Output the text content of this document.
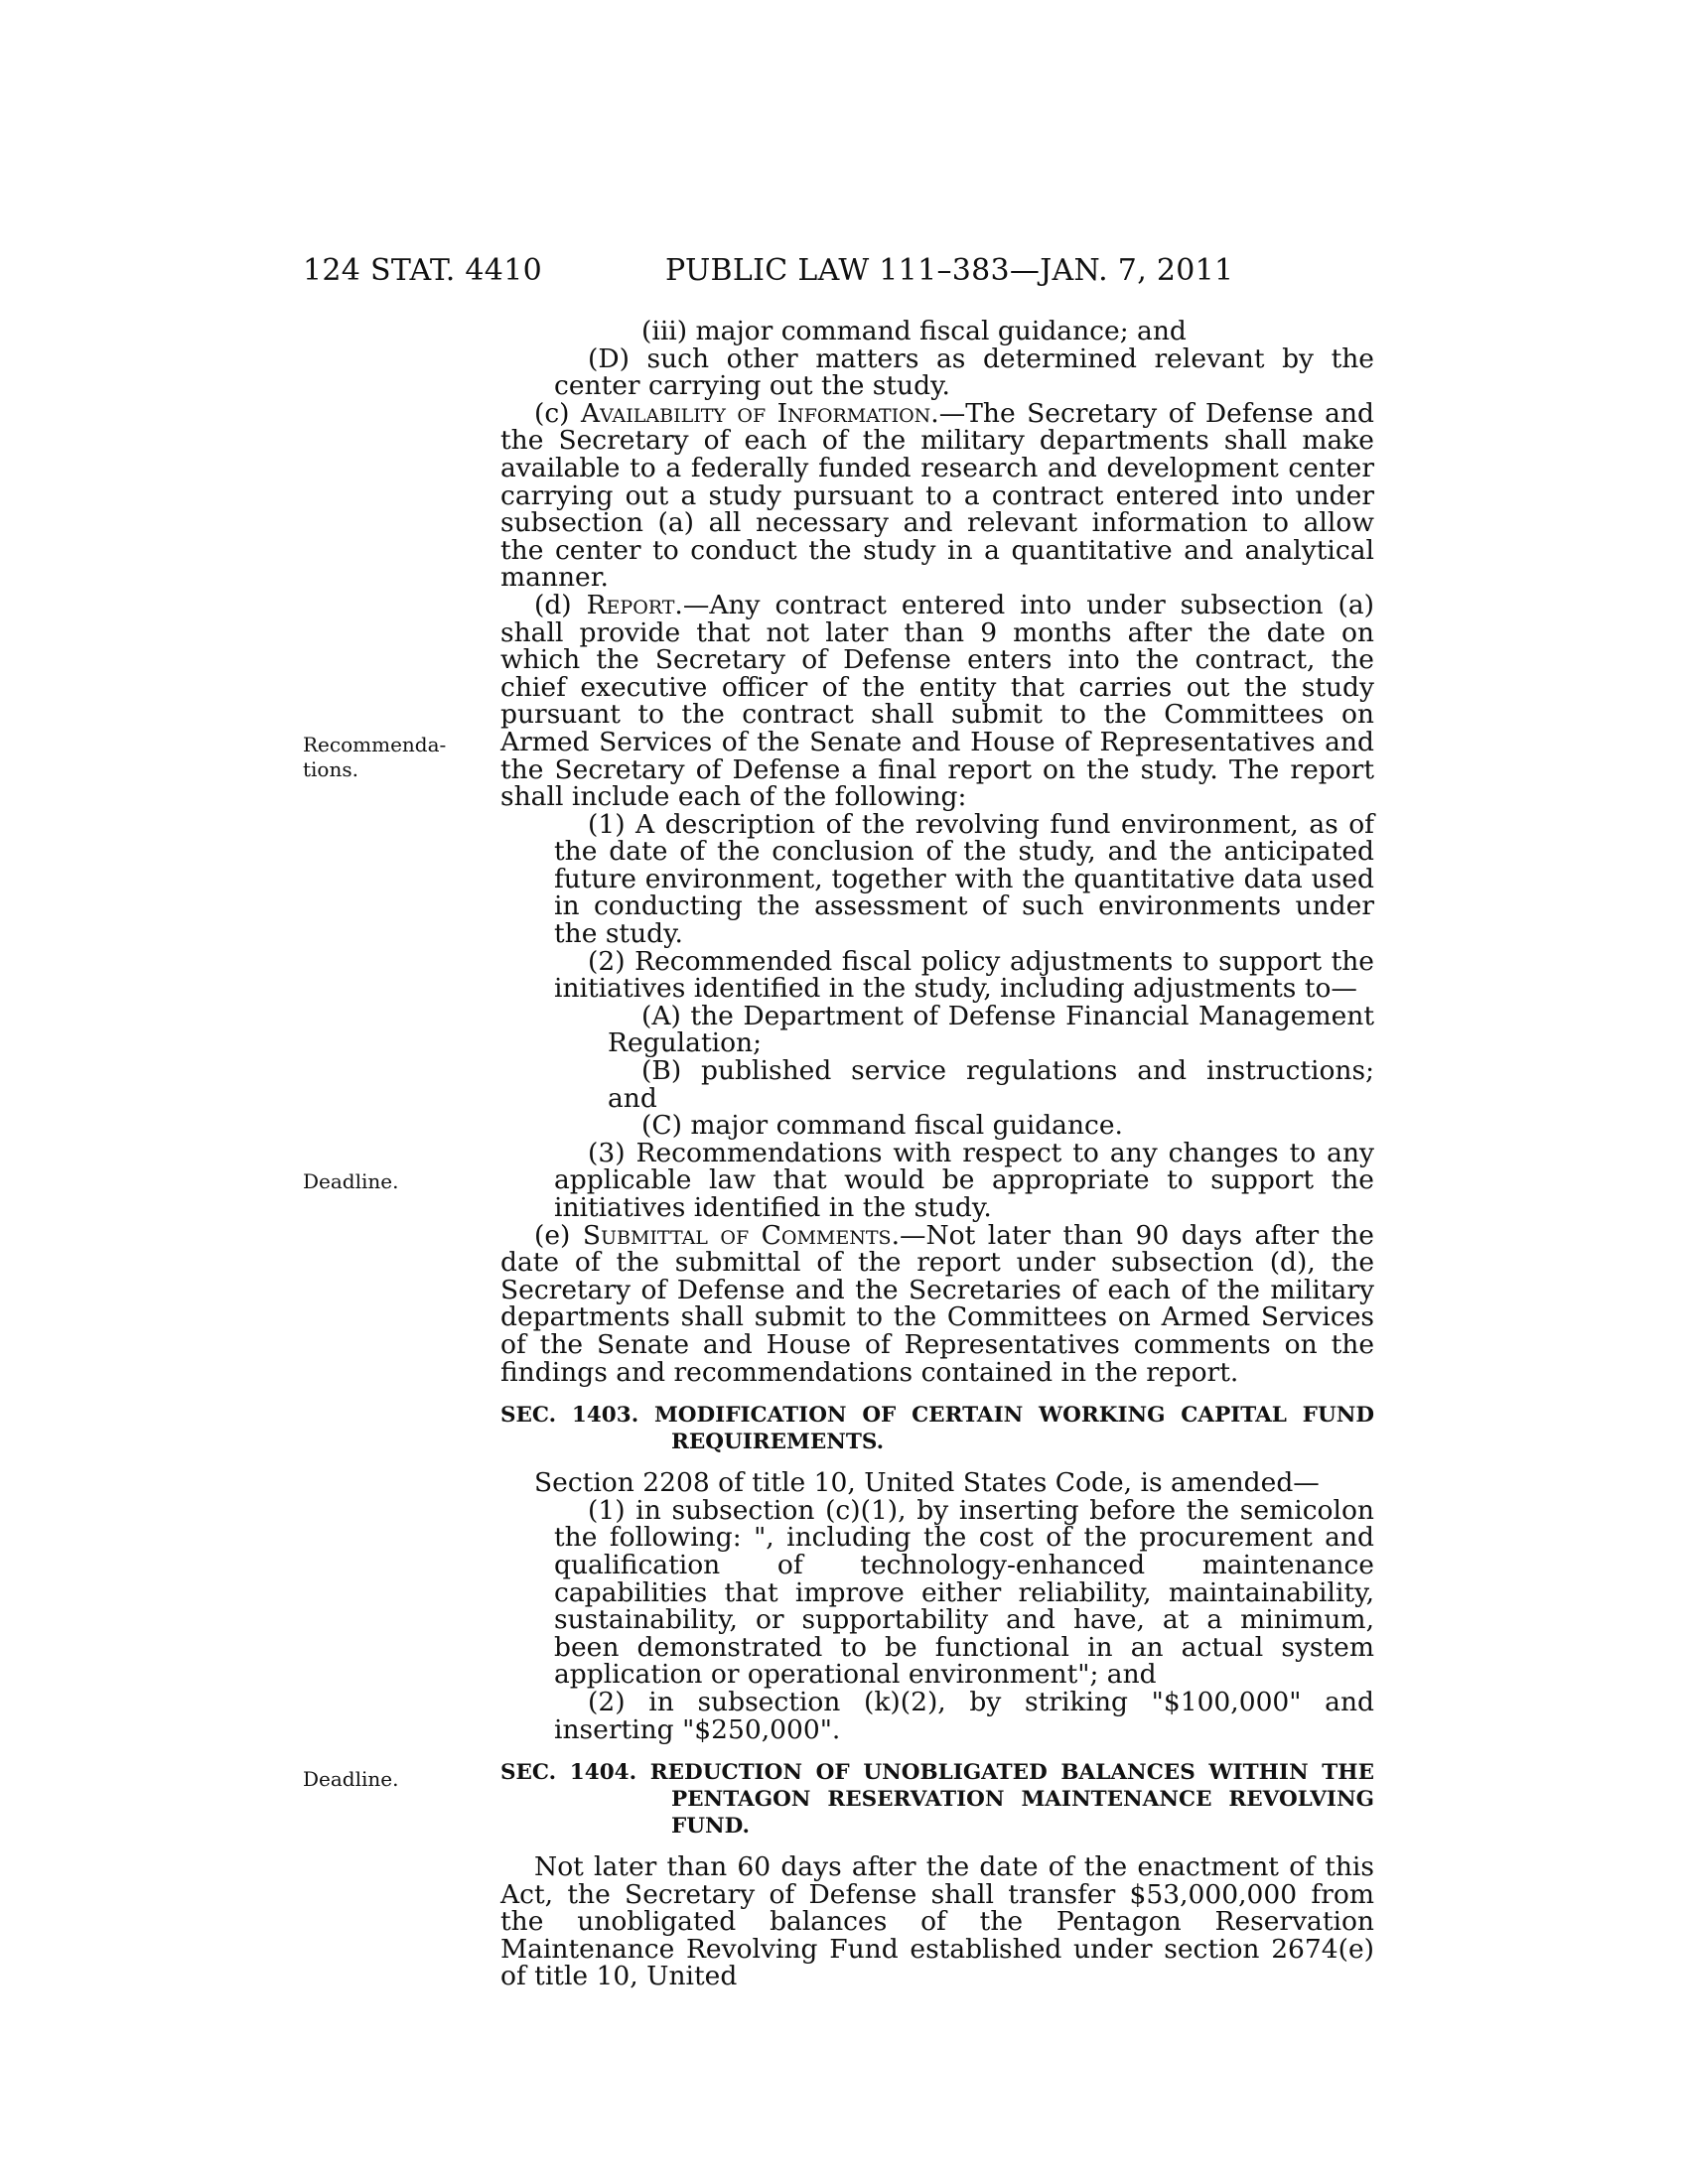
124 STAT. 4410	PUBLIC LAW 111–383—JAN. 7, 2011
Recommenda-
tions.
Deadline.
Deadline.

(iii) major command fiscal guidance; and

(D) such other matters as determined relevant by the center carrying out the study.

(c) Availability of Information.—The Secretary of Defense and the Secretary of each of the military departments shall make available to a federally funded research and development center carrying out a study pursuant to a contract entered into under subsection (a) all necessary and relevant information to allow the center to conduct the study in a quantitative and analytical manner.

(d) Report.—Any contract entered into under subsection (a) shall provide that not later than 9 months after the date on which the Secretary of Defense enters into the contract, the chief executive officer of the entity that carries out the study pursuant to the contract shall submit to the Committees on Armed Services of the Senate and House of Representatives and the Secretary of Defense a final report on the study. The report shall include each of the following:

(1) A description of the revolving fund environment, as of the date of the conclusion of the study, and the anticipated future environment, together with the quantitative data used in conducting the assessment of such environments under the study.

(2) Recommended fiscal policy adjustments to support the initiatives identified in the study, including adjustments to—

(A) the Department of Defense Financial Management Regulation;

(B) published service regulations and instructions; and

(C) major command fiscal guidance.

(3) Recommendations with respect to any changes to any applicable law that would be appropriate to support the initiatives identified in the study.

(e) Submittal of Comments.—Not later than 90 days after the date of the submittal of the report under subsection (d), the Secretary of Defense and the Secretaries of each of the military departments shall submit to the Committees on Armed Services of the Senate and House of Representatives comments on the findings and recommendations contained in the report.

SEC. 1403. MODIFICATION OF CERTAIN WORKING CAPITAL FUND REQUIREMENTS.

Section 2208 of title 10, United States Code, is amended—

(1) in subsection (c)(1), by inserting before the semicolon the following: ", including the cost of the procurement and qualification of technology-enhanced maintenance capabilities that improve either reliability, maintainability, sustainability, or supportability and have, at a minimum, been demonstrated to be functional in an actual system application or operational environment"; and

(2) in subsection (k)(2), by striking "$100,000" and inserting "$250,000".

SEC. 1404. REDUCTION OF UNOBLIGATED BALANCES WITHIN THE PENTAGON RESERVATION MAINTENANCE REVOLVING FUND.

Not later than 60 days after the date of the enactment of this Act, the Secretary of Defense shall transfer $53,000,000 from the unobligated balances of the Pentagon Reservation Maintenance Revolving Fund established under section 2674(e) of title 10, United
